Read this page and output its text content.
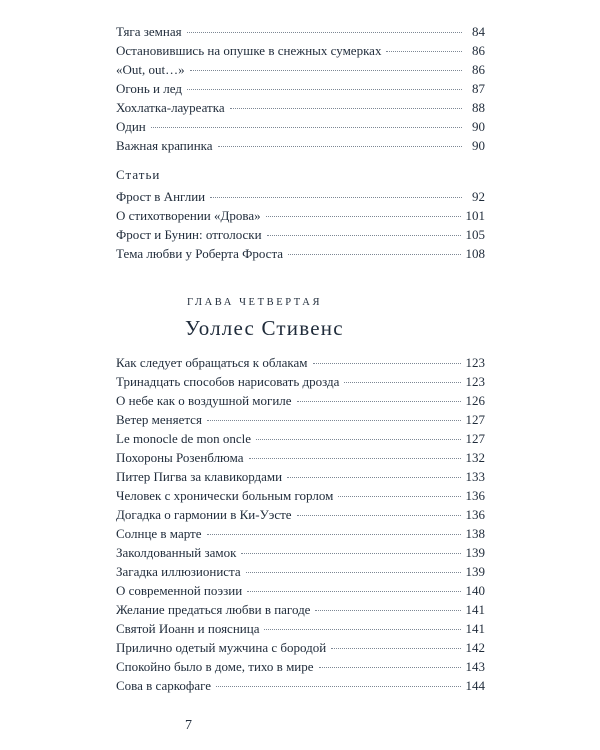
Тяга земная	84
Остановившись на опушке в снежных сумерках	86
«Out, out…»	86
Огонь и лед	87
Хохлатка-лауреатка	88
Один	90
Важная крапинка	90
Статьи
Фрост в Англии	92
О стихотворении «Дрова»	101
Фрост и Бунин: отголоски	105
Тема любви у Роберта Фроста	108
ГЛАВА ЧЕТВЕРТАЯ
Уоллес Стивенс
Как следует обращаться к облакам	123
Тринадцать способов нарисовать дрозда	123
О небе как о воздушной могиле	126
Ветер меняется	127
Le monocle de mon oncle	127
Похороны Розенблюма	132
Питер Пигва за клавикордами	133
Человек с хронически больным горлом	136
Догадка о гармонии в Ки-Уэсте	136
Солнце в марте	138
Заколдованный замок	139
Загадка иллюзиониста	139
О современной поэзии	140
Желание предаться любви в пагоде	141
Святой Иоанн и поясница	141
Прилично одетый мужчина с бородой	142
Спокойно было в доме, тихо в мире	143
Сова в саркофаге	144
7
